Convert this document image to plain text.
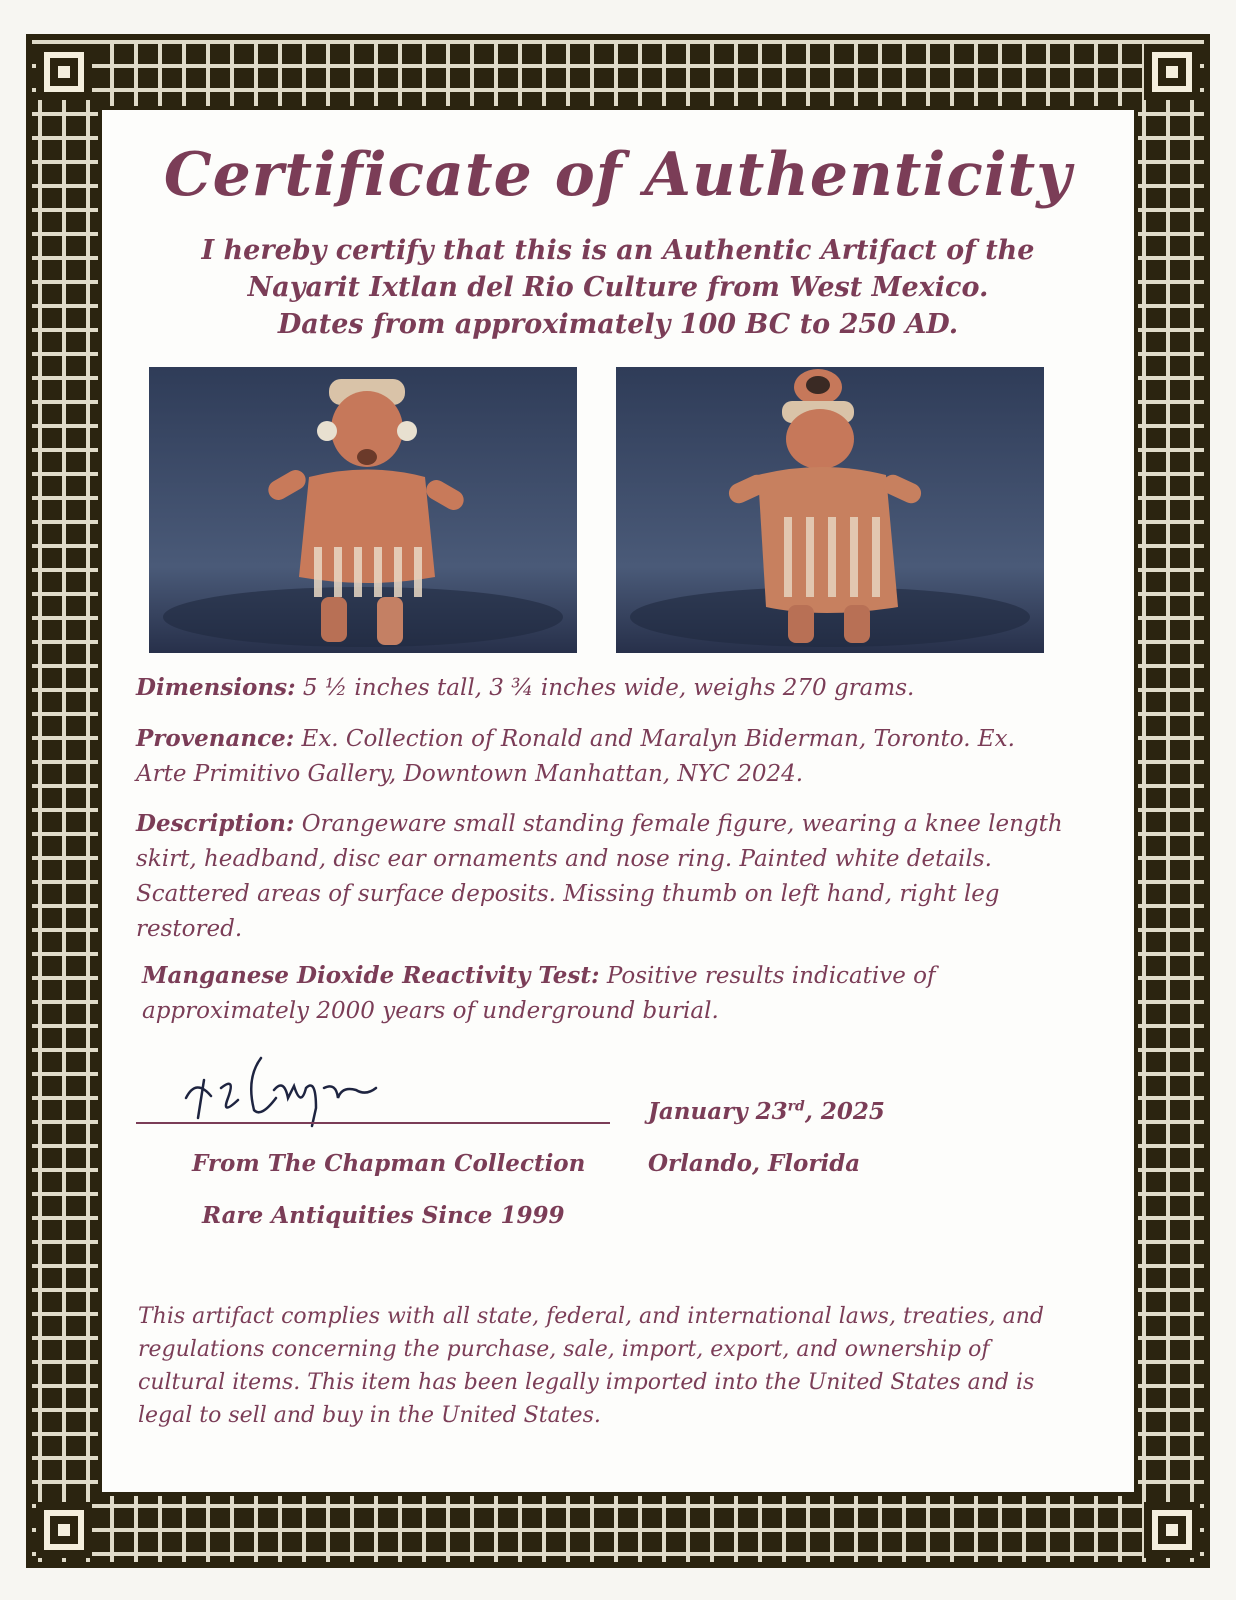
Certificate of Authenticity
I hereby certify that this is an Authentic Artifact of the
Nayarit Ixtlan del Rio Culture from West Mexico.
Dates from approximately 100 BC to 250 AD.
Dimensions: 5 ½ inches tall, 3 ¾ inches wide, weighs 270 grams.
Provenance: Ex. Collection of Ronald and Maralyn Biderman, Toronto. Ex. Arte Primitivo Gallery, Downtown Manhattan, NYC 2024.
Description: Orangeware small standing female figure, wearing a knee length skirt, headband, disc ear ornaments and nose ring. Painted white details. Scattered areas of surface deposits. Missing thumb on left hand, right leg restored.
Manganese Dioxide Reactivity Test: Positive results indicative of approximately 2000 years of underground burial.
From The Chapman Collection
Rare Antiquities Since 1999
January 23rd, 2025
Orlando, Florida
This artifact complies with all state, federal, and international laws, treaties, and regulations concerning the purchase, sale, import, export, and ownership of cultural items. This item has been legally imported into the United States and is legal to sell and buy in the United States.
